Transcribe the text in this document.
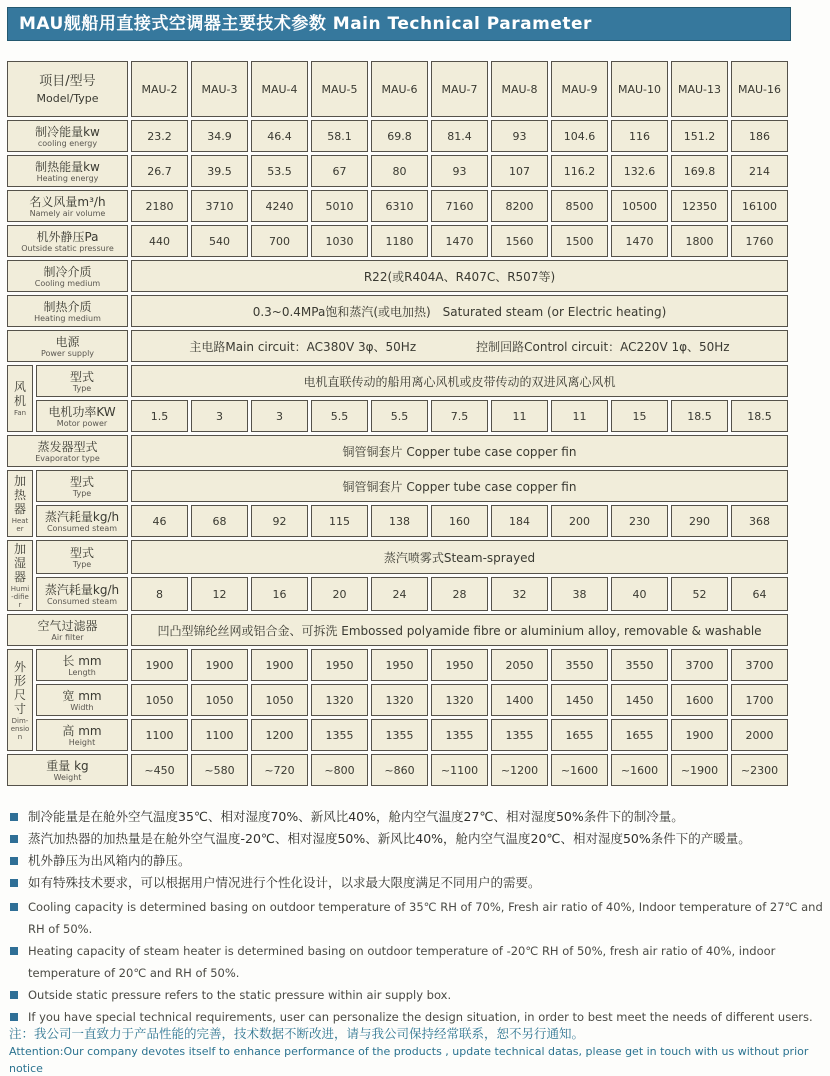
MAU舰船用直接式空调器主要技术参数 Main Technical Parameter
项目/型号
Model/Type		MAU-2	MAU-3	MAU-4	MAU-5	MAU-6	MAU-7	MAU-8	MAU-9	MAU-10	MAU-13	MAU-16

制冷能量kw
cooling energy		23.2	34.9	46.4	58.1	69.8	81.4	93	104.6	116	151.2	186

制热能量kw
Heating energy		26.7	39.5	53.5	67	80	93	107	116.2	132.6	169.8	214

名义风量m³/h
Namely air volume		2180	3710	4240	5010	6310	7160	8200	8500	10500	12350	16100

机外静压Pa
Outside static pressure		440	540	700	1030	1180	1470	1560	1500	1470	1800	1760

制冷介质
Cooling medium		R22(或R404A、R407C、R507等)										

制热介质
Heating medium		0.3~0.4MPa饱和蒸汽(或电加热)　Saturated steam (or Electric heating)										

电源
Power supply		主电路Main circuit：AC380V 3φ、50Hz　　　　　控制回路Control circuit：AC220V 1φ、50Hz										

风
机
Fan

型式
Type	电机直联传动的船用离心风机或皮带传动的双进风离心风机

	电机功率KW
Motor power	1.5	3	3	5.5	5.5	7.5	11	11	15	18.5	18.5

蒸发器型式
Evaporator type		铜管铜套片 Copper tube case copper fin										

加
热
器
Heater

型式
Type	铜管铜套片 Copper tube case copper fin

	蒸汽耗量kg/h
Consumed steam	46	68	92	115	138	160	184	200	230	290	368

加
湿
器
Humi-difier

型式
Type	蒸汽喷雾式Steam-sprayed

	蒸汽耗量kg/h
Consumed steam	8	12	16	20	24	28	32	38	40	52	64

空气过滤器
Air filter		凹凸型锦纶丝网或铝合金、可拆洗 Embossed polyamide fibre or aluminium alloy, removable & washable										

外
形
尺
寸
Dim-ension

长 mm
Length
	1900	1900	1900	1950	1950	1950	2050	3550	3550	3700	3700

	宽 mm
Width	1050	1050	1050	1320	1320	1320	1400	1450	1450	1600	1700

	高 mm
Height	1100	1100	1200	1355	1355	1355	1355	1655	1655	1900	2000

重量 kg
Weight		~450	~580	~720	~800	~860	~1100	~1200	~1600	~1600	~1900	~2300
制冷能量是在舱外空气温度35℃、相对湿度70%、新风比40%，舱内空气温度27℃、相对湿度50%条件下的制冷量。
蒸汽加热器的加热量是在舱外空气温度-20℃、相对湿度50%、新风比40%，舱内空气温度20℃、相对湿度50%条件下的产暖量。
机外静压为出风箱内的静压。
如有特殊技术要求，可以根据用户情况进行个性化设计，以求最大限度满足不同用户的需要。
Cooling capacity is determined basing on outdoor temperature of 35℃ RH of 70%, Fresh air ratio of 40%, Indoor temperature of 27℃ and RH of 50%.
Heating capacity of steam heater is determined basing on outdoor temperature of -20℃ RH of 50%, fresh air ratio of 40%, indoor temperature of 20℃ and RH of 50%.
Outside static pressure refers to the static pressure within air supply box.
If you have special technical requirements, user can personalize the design situation, in order to best meet the needs of different users.
注：我公司一直致力于产品性能的完善，技术数据不断改进，请与我公司保持经常联系，恕不另行通知。
Attention:Our company devotes itself to enhance performance of the products , update technical datas, please get in touch with us without prior notice
